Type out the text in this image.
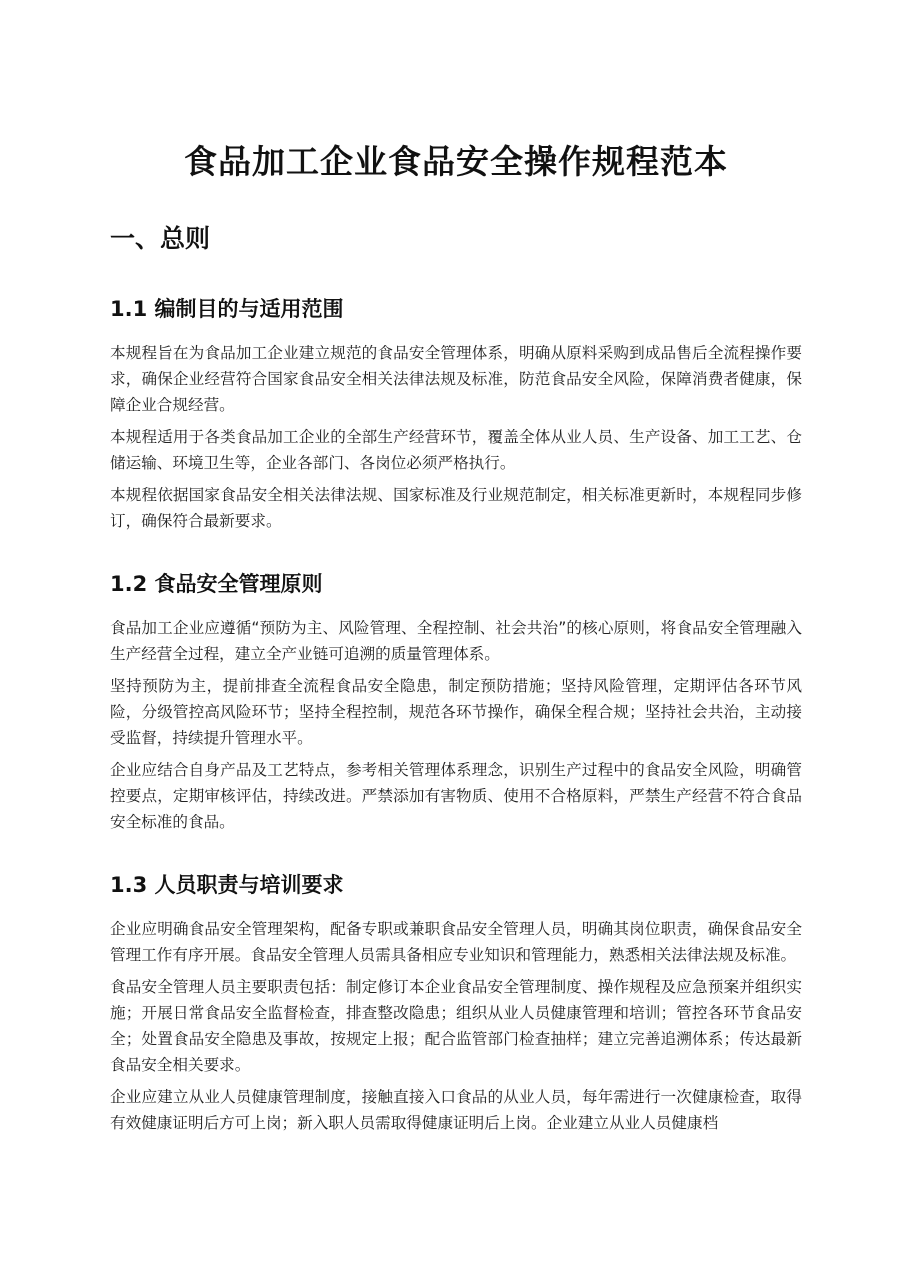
食品加工企业食品安全操作规程范本
一、总则
1.1 编制目的与适用范围

本规程旨在为食品加工企业建立规范的食品安全管理体系，明确从原料采购到成品售后全流程操作要求，确保企业经营符合国家食品安全相关法律法规及标准，防范食品安全风险，保障消费者健康，保障企业合规经营。

本规程适用于各类食品加工企业的全部生产经营环节，覆盖全体从业人员、生产设备、加工工艺、仓储运输、环境卫生等，企业各部门、各岗位必须严格执行。

本规程依据国家食品安全相关法律法规、国家标准及行业规范制定，相关标准更新时，本规程同步修订，确保符合最新要求。

1.2 食品安全管理原则

食品加工企业应遵循“预防为主、风险管理、全程控制、社会共治”的核心原则，将食品安全管理融入生产经营全过程，建立全产业链可追溯的质量管理体系。

坚持预防为主，提前排查全流程食品安全隐患，制定预防措施；坚持风险管理，定期评估各环节风险，分级管控高风险环节；坚持全程控制，规范各环节操作，确保全程合规；坚持社会共治，主动接受监督，持续提升管理水平。

企业应结合自身产品及工艺特点，参考相关管理体系理念，识别生产过程中的食品安全风险，明确管控要点，定期审核评估，持续改进。严禁添加有害物质、使用不合格原料，严禁生产经营不符合食品安全标准的食品。

1.3 人员职责与培训要求

企业应明确食品安全管理架构，配备专职或兼职食品安全管理人员，明确其岗位职责，确保食品安全管理工作有序开展。食品安全管理人员需具备相应专业知识和管理能力，熟悉相关法律法规及标准。

食品安全管理人员主要职责包括：制定修订本企业食品安全管理制度、操作规程及应急预案并组织实施；开展日常食品安全监督检查，排查整改隐患；组织从业人员健康管理和培训；管控各环节食品安全；处置食品安全隐患及事故，按规定上报；配合监管部门检查抽样；建立完善追溯体系；传达最新食品安全相关要求。

企业应建立从业人员健康管理制度，接触直接入口食品的从业人员，每年需进行一次健康检查，取得有效健康证明后方可上岗；新入职人员需取得健康证明后上岗。企业建立从业人员健康档
